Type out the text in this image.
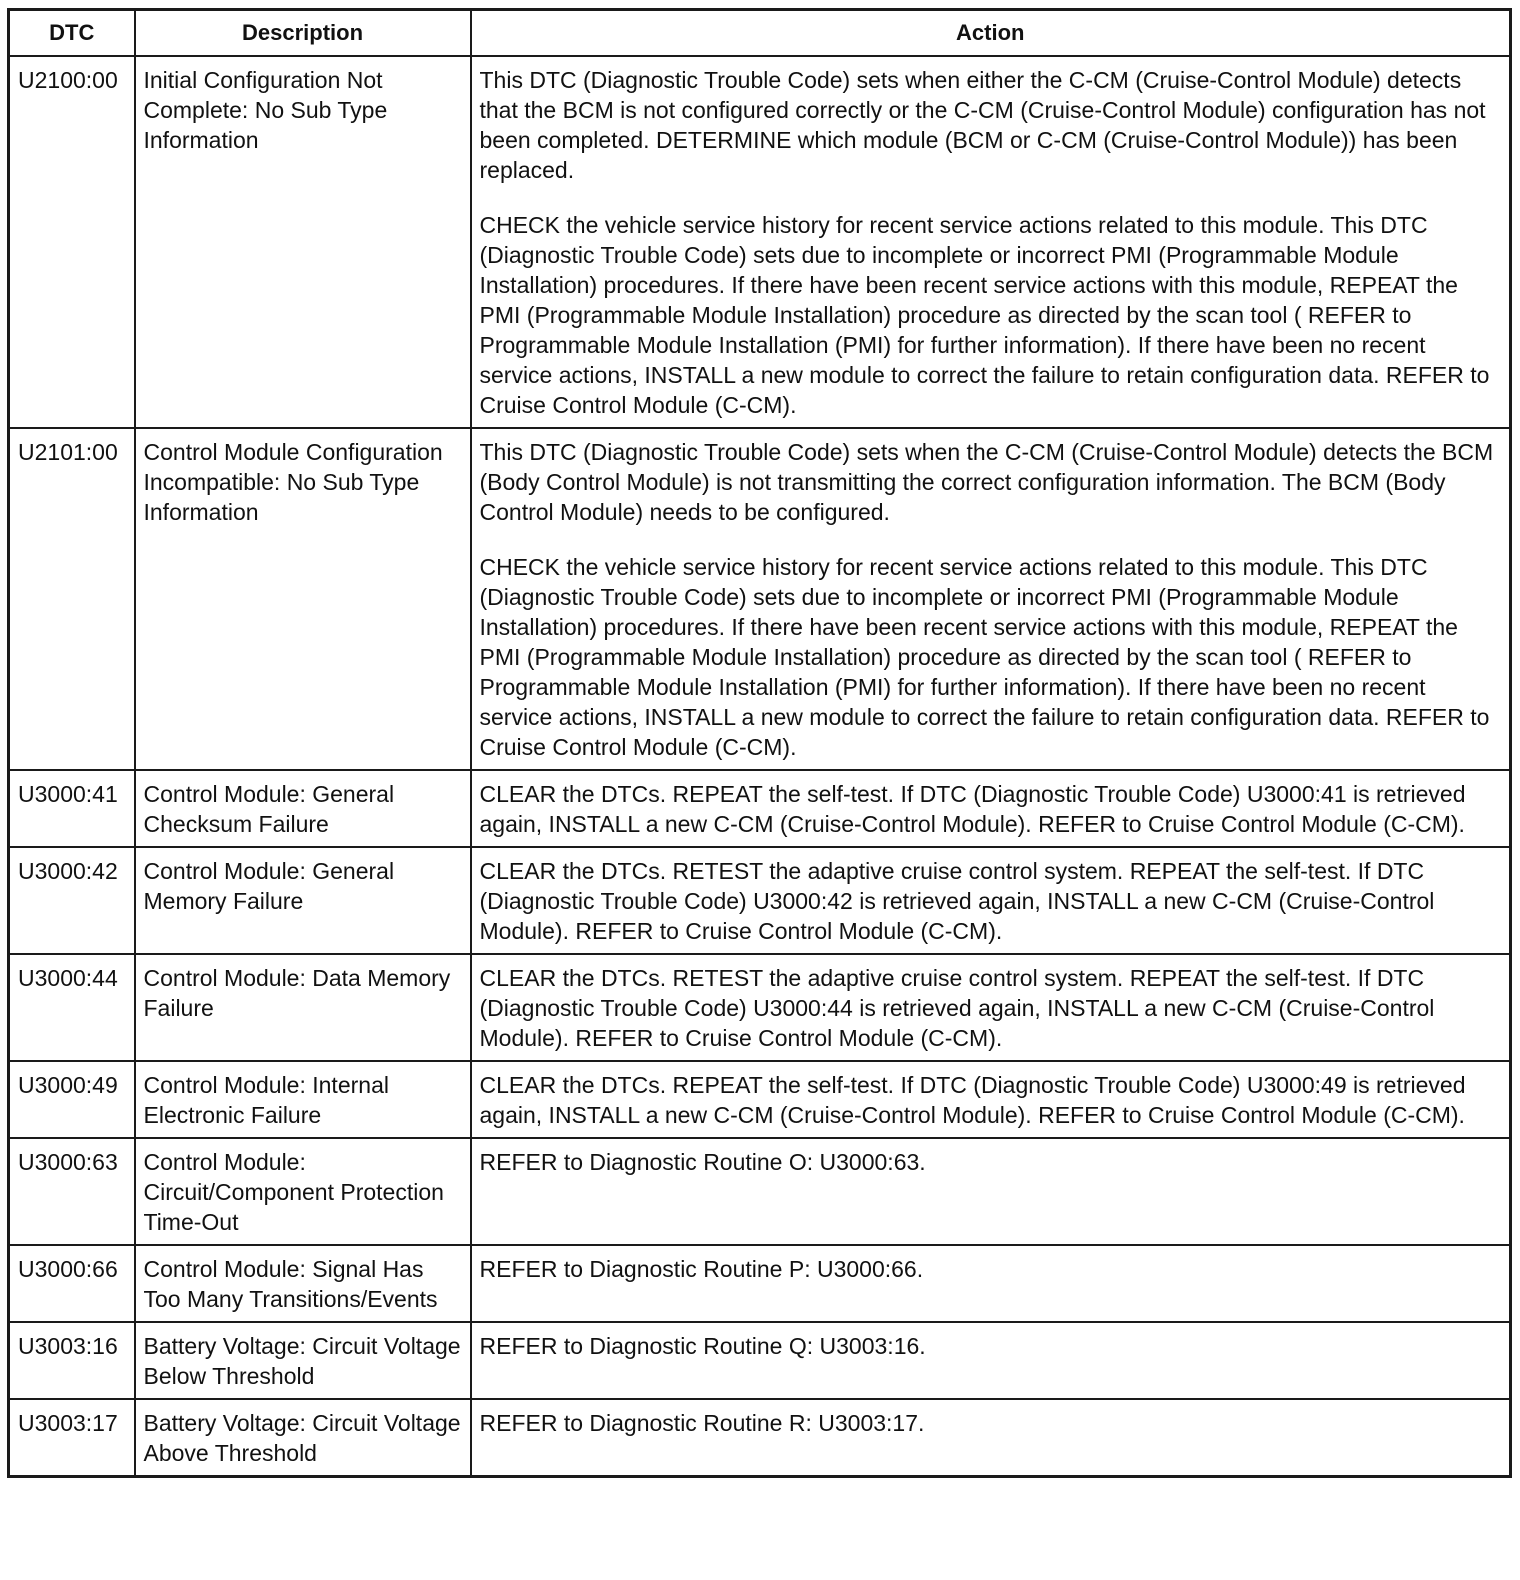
DTC	Description	Action
U2100:00	Initial Configuration Not Complete: No Sub Type Information	This DTC (Diagnostic Trouble Code) sets when either the C-CM (Cruise-Control Module) detects that the BCM is not configured correctly or the C-CM (Cruise-Control Module) configuration has not been completed. DETERMINE which module (BCM or C-CM (Cruise-Control Module)) has been replaced.
CHECK the vehicle service history for recent service actions related to this module. This DTC (Diagnostic Trouble Code) sets due to incomplete or incorrect PMI (Programmable Module Installation) procedures. If there have been recent service actions with this module, REPEAT the PMI (Programmable Module Installation) procedure as directed by the scan tool ( REFER to Programmable Module Installation (PMI) for further information). If there have been no recent service actions, INSTALL a new module to correct the failure to retain configuration data. REFER to Cruise Control Module (C-CM).

U2101:00	Control Module Configuration Incompatible: No Sub Type Information	This DTC (Diagnostic Trouble Code) sets when the C-CM (Cruise-Control Module) detects the BCM (Body Control Module) is not transmitting the correct configuration information. The BCM (Body Control Module) needs to be configured.
CHECK the vehicle service history for recent service actions related to this module. This DTC (Diagnostic Trouble Code) sets due to incomplete or incorrect PMI (Programmable Module Installation) procedures. If there have been recent service actions with this module, REPEAT the PMI (Programmable Module Installation) procedure as directed by the scan tool ( REFER to Programmable Module Installation (PMI) for further information). If there have been no recent service actions, INSTALL a new module to correct the failure to retain configuration data. REFER to Cruise Control Module (C-CM).

U3000:41	Control Module: General Checksum Failure	CLEAR the DTCs. REPEAT the self-test. If DTC (Diagnostic Trouble Code) U3000:41 is retrieved again, INSTALL a new C-CM (Cruise-Control Module). REFER to Cruise Control Module (C-CM).

U3000:42	Control Module: General Memory Failure	CLEAR the DTCs. RETEST the adaptive cruise control system. REPEAT the self-test. If DTC (Diagnostic Trouble Code) U3000:42 is retrieved again, INSTALL a new C-CM (Cruise-Control Module). REFER to Cruise Control Module (C-CM).

U3000:44	Control Module: Data Memory Failure	CLEAR the DTCs. RETEST the adaptive cruise control system. REPEAT the self-test. If DTC (Diagnostic Trouble Code) U3000:44 is retrieved again, INSTALL a new C-CM (Cruise-Control Module). REFER to Cruise Control Module (C-CM).

U3000:49	Control Module: Internal Electronic Failure	CLEAR the DTCs. REPEAT the self-test. If DTC (Diagnostic Trouble Code) U3000:49 is retrieved again, INSTALL a new C-CM (Cruise-Control Module). REFER to Cruise Control Module (C-CM).

U3000:63	Control Module: Circuit/Component Protection Time-Out	REFER to Diagnostic Routine O: U3000:63.

U3000:66	Control Module: Signal Has Too Many Transitions/Events	REFER to Diagnostic Routine P: U3000:66.

U3003:16	Battery Voltage: Circuit Voltage Below Threshold	REFER to Diagnostic Routine Q: U3003:16.

U3003:17	Battery Voltage: Circuit Voltage Above Threshold	REFER to Diagnostic Routine R: U3003:17.
